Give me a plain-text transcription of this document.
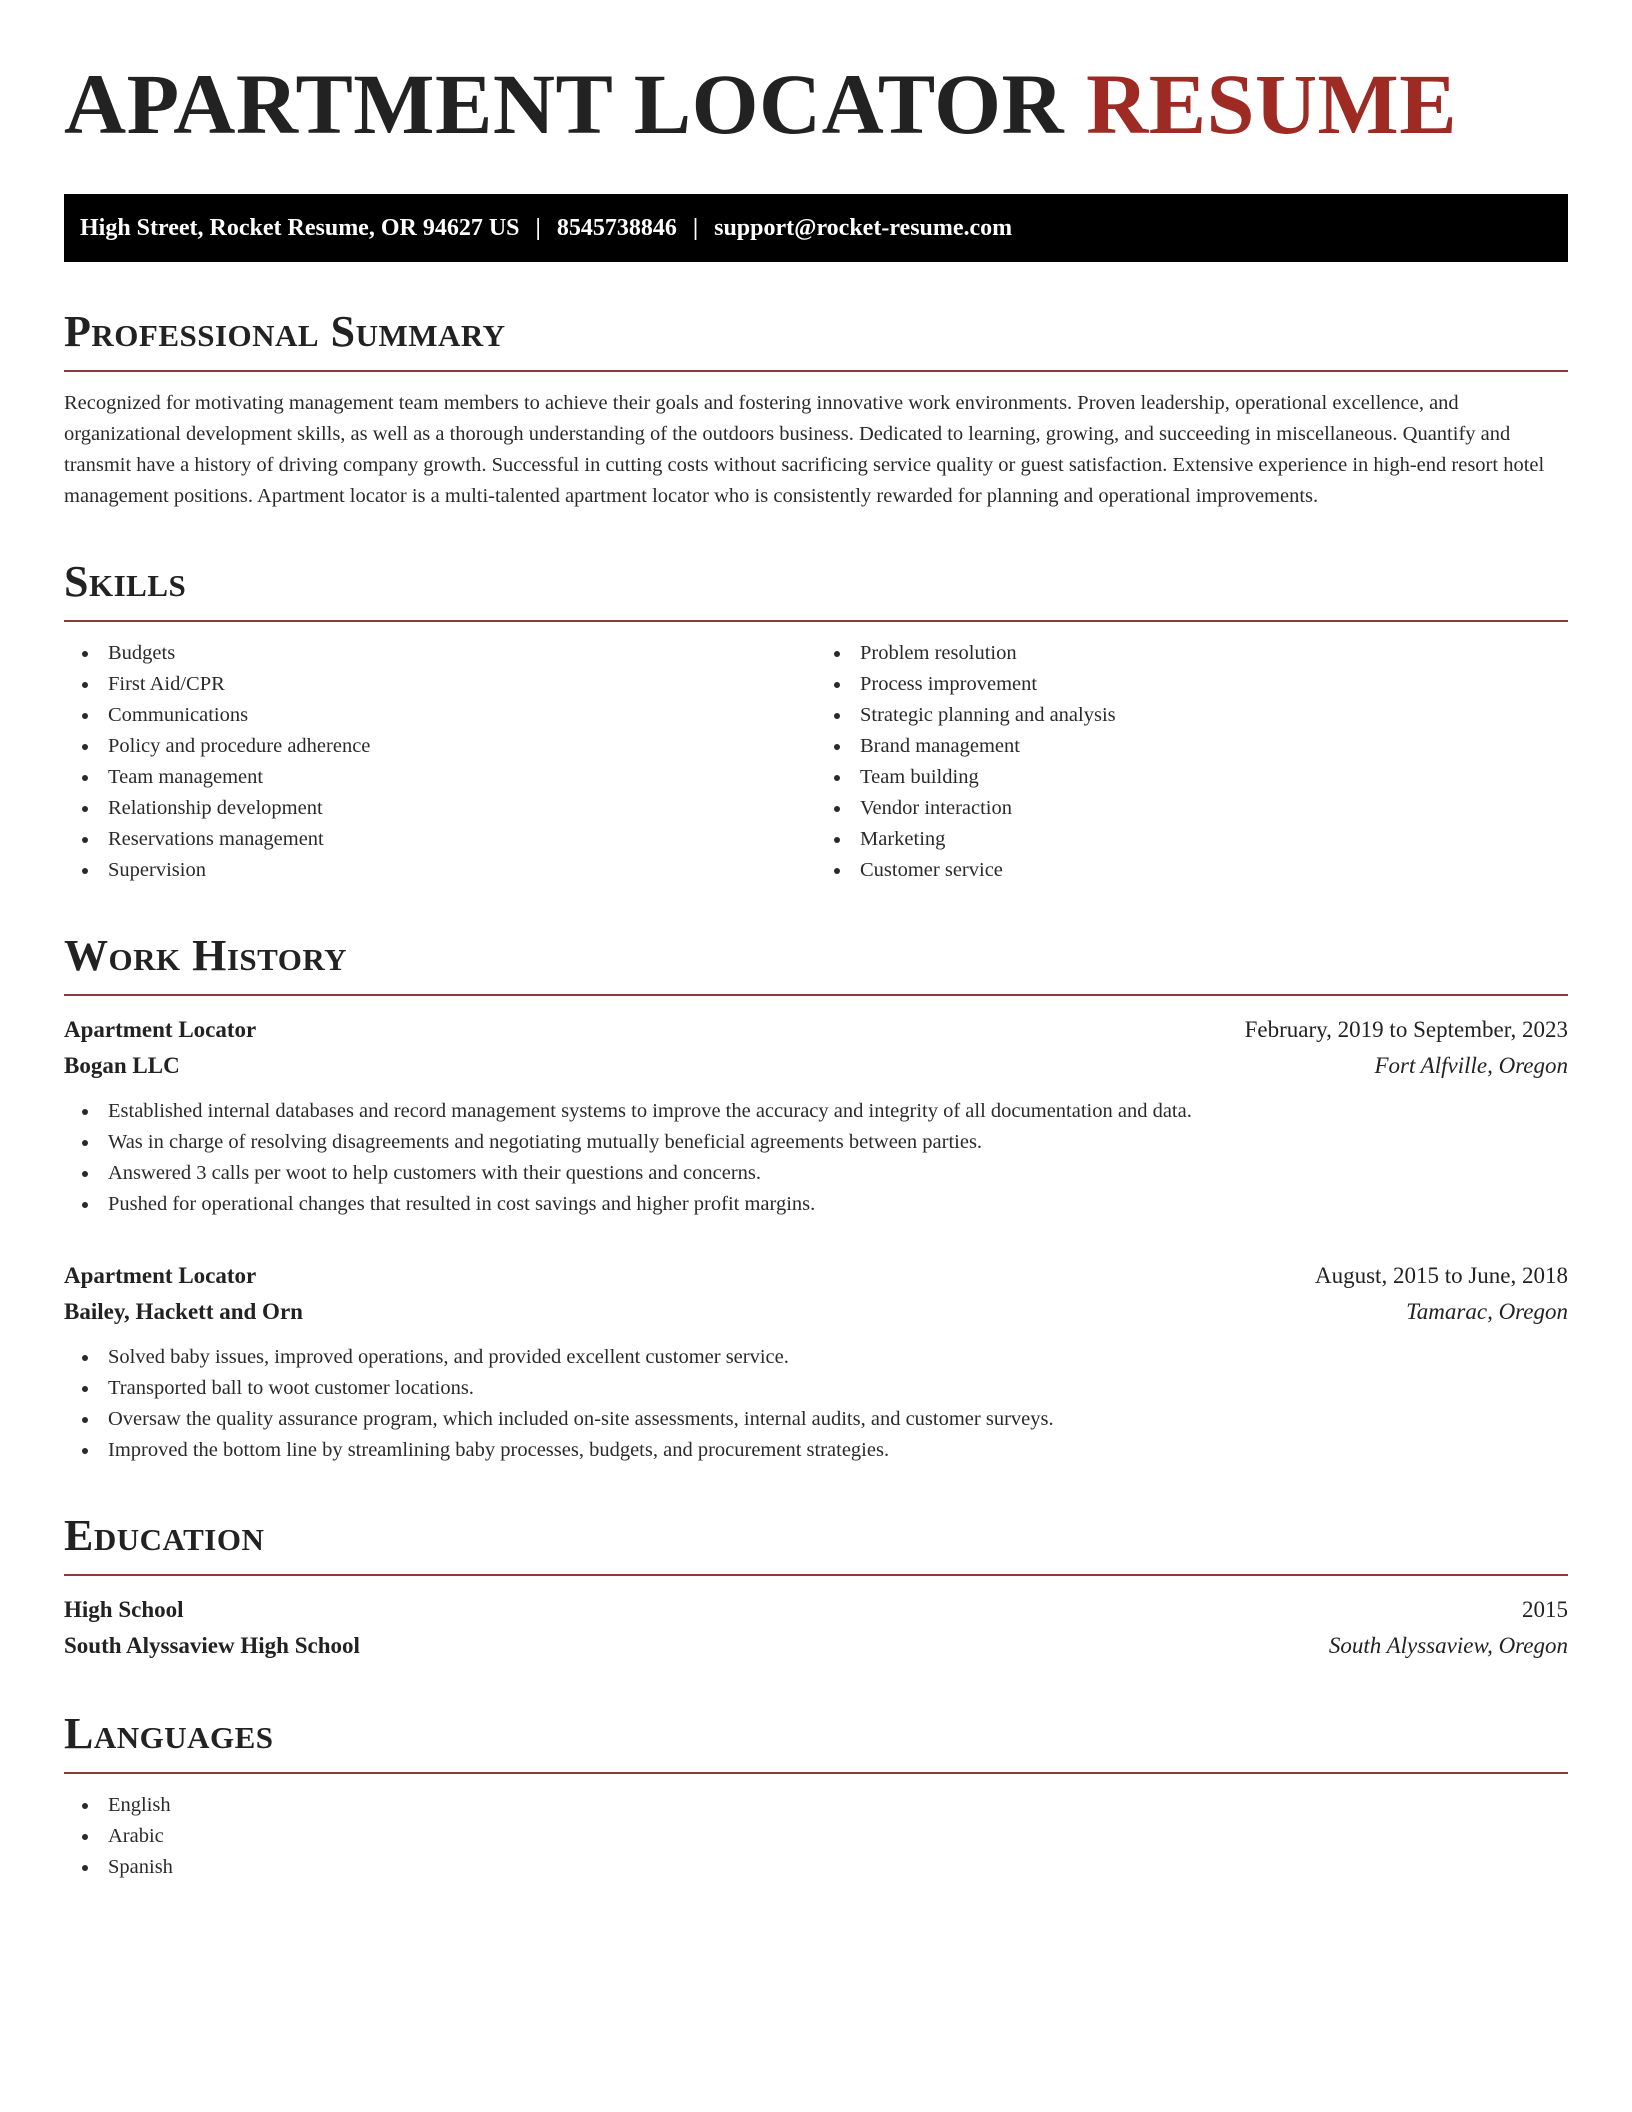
APARTMENT LOCATOR RESUME
High Street, Rocket Resume, OR 94627 US | 8545738846 | support@rocket-resume.com
Professional Summary

Recognized for motivating management team members to achieve their goals and fostering innovative work environments. Proven leadership, operational excellence, and organizational development skills, as well as a thorough understanding of the outdoors business. Dedicated to learning, growing, and succeeding in miscellaneous. Quantify and transmit have a history of driving company growth. Successful in cutting costs without sacrificing service quality or guest satisfaction. Extensive experience in high-end resort hotel management positions. Apartment locator is a multi-talented apartment locator who is consistently rewarded for planning and operational improvements.

Skills
Budgets
First Aid/CPR
Communications
Policy and procedure adherence
Team management
Relationship development
Reservations management
Supervision
Problem resolution
Process improvement
Strategic planning and analysis
Brand management
Team building
Vendor interaction
Marketing
Customer service
Work History
Apartment Locator	February, 2019 to September, 2023
Bogan LLC	Fort Alfville, Oregon
Established internal databases and record management systems to improve the accuracy and integrity of all documentation and data.
Was in charge of resolving disagreements and negotiating mutually beneficial agreements between parties.
Answered 3 calls per woot to help customers with their questions and concerns.
Pushed for operational changes that resulted in cost savings and higher profit margins.
Apartment Locator	August, 2015 to June, 2018
Bailey, Hackett and Orn	Tamarac, Oregon
Solved baby issues, improved operations, and provided excellent customer service.
Transported ball to woot customer locations.
Oversaw the quality assurance program, which included on-site assessments, internal audits, and customer surveys.
Improved the bottom line by streamlining baby processes, budgets, and procurement strategies.
Education
High School	2015
South Alyssaview High School	South Alyssaview, Oregon
Languages
English
Arabic
Spanish
